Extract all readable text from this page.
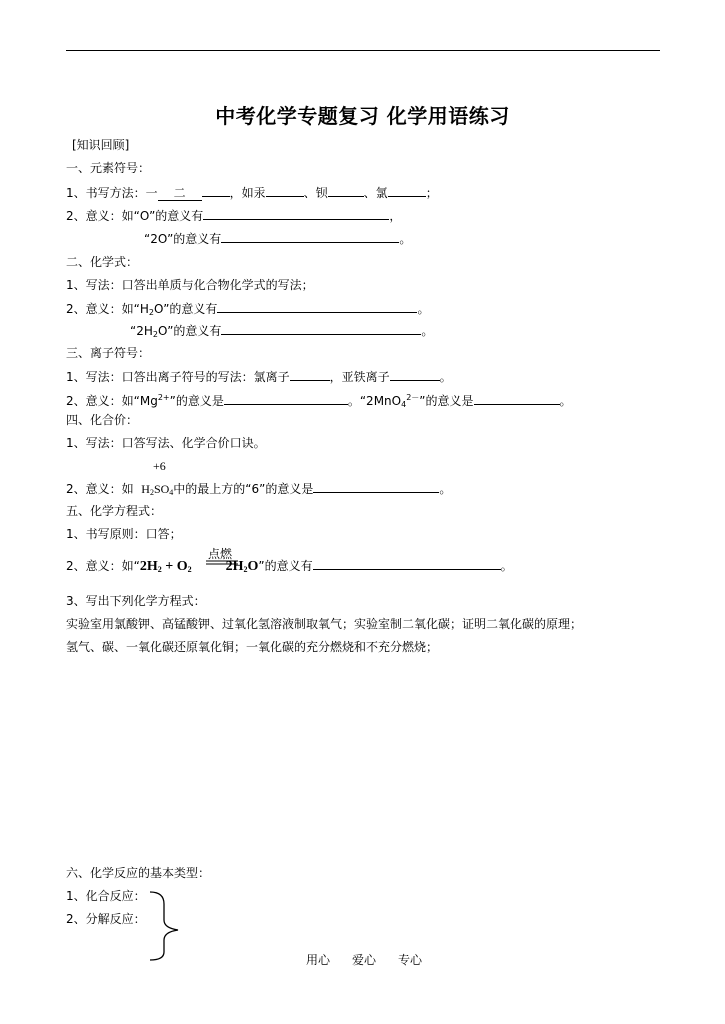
中考化学专题复习 化学用语练习
[知识回顾]
一、元素符号：
1、书写方法：一 二	，如汞	、钡	、氯	；
2、意义：如“O”的意义有	，
“2O”的意义有	。
二、化学式：
1、写法：口答出单质与化合物化学式的写法；
2、意义：如“$H_2O$”的意义有	。
“$2H_2O$”的意义有	。
三、离子符号：
1、写法：口答出离子符号的写法：氯离子	，亚铁离子	。
2、意义：如“$Mg^{2+}$”的意义是	。“2MnO$_4^{2-}$”的意义是	。
四、化合价：
1、写法：口答写法、化学合价口诀。
+6
2、意义：如 $H_2SO_4$中的最上方的“6”的意义是	。
五、化学方程式：
1、书写原则：口答；
2、意义：如“$2H_2 + O_2$ $2H_2O$”的意义有	。
点燃
3、写出下列化学方程式：
实验室用氯酸钾、高锰酸钾、过氧化氢溶液制取氧气；实验室制二氧化碳；证明二氧化碳的原理；
氢气、碳、一氧化碳还原氧化铜；一氧化碳的充分燃烧和不充分燃烧；
六、化学反应的基本类型：
1、化合反应：
2、分解反应：
用心 爱心 专心
